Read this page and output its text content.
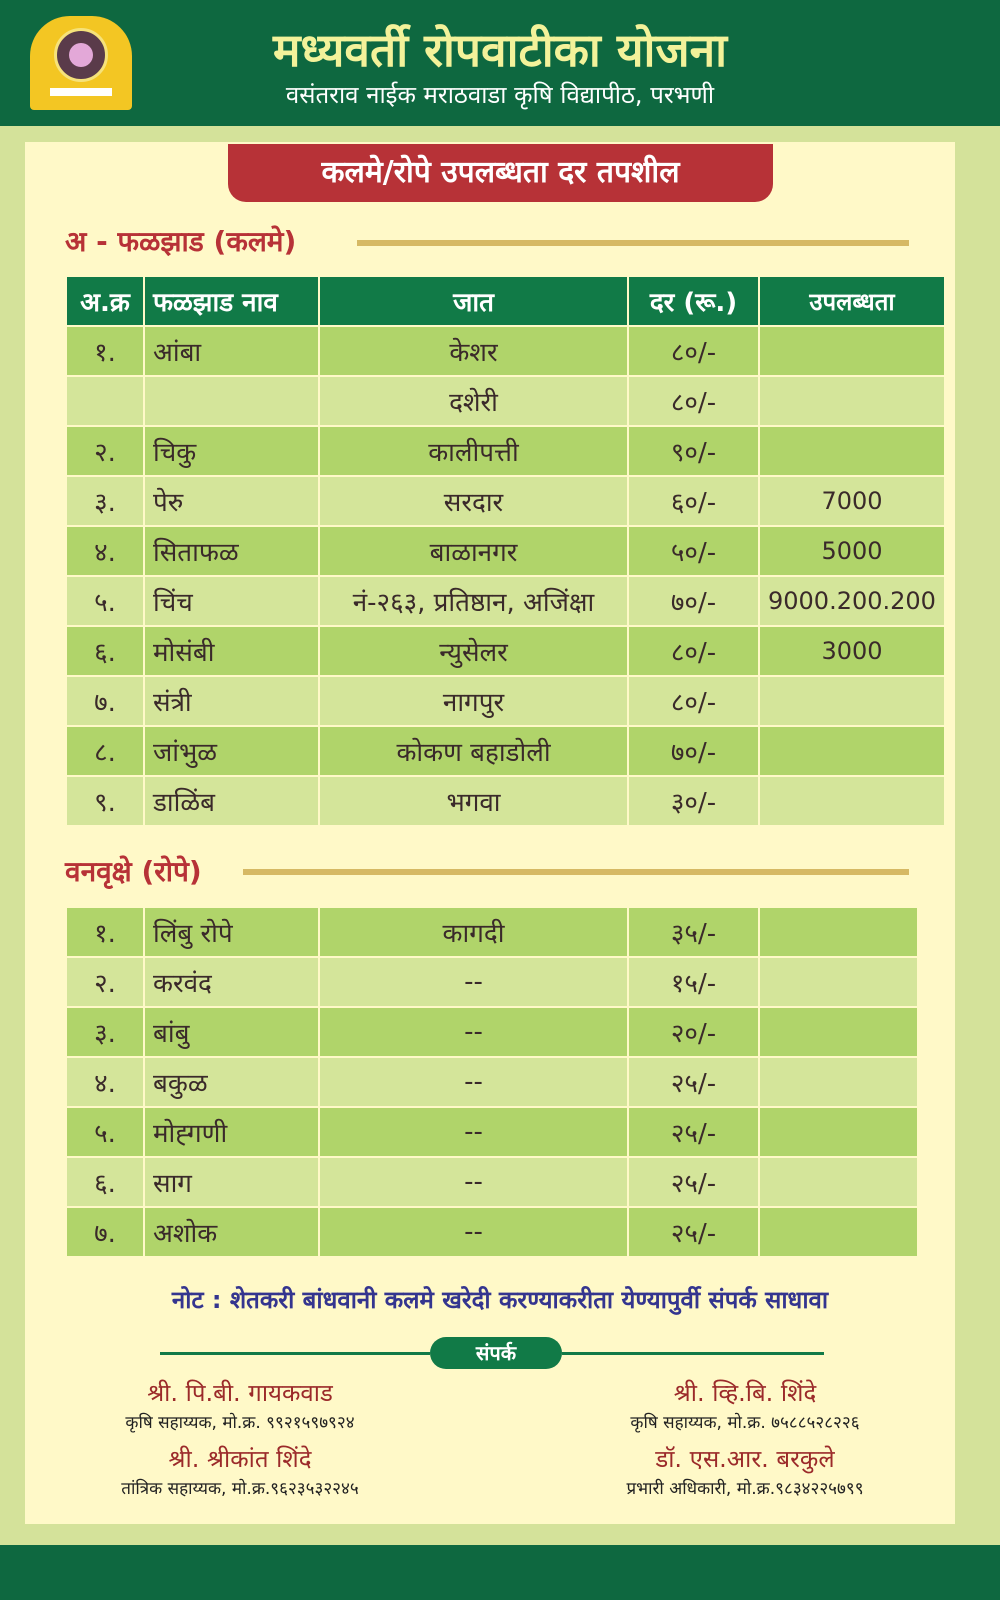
मध्यवर्ती रोपवाटीका योजना
वसंतराव नाईक मराठवाडा कृषि विद्यापीठ, परभणी
कलमे/रोपे उपलब्धता दर तपशील
अ - फळझाड (कलमे)
अ.क्र	फळझाड नाव	जात	दर (रू.)	उपलब्धता
१.	आंबा	केशर	८०/-	
		दशेरी	८०/-	
२.	चिकु	कालीपत्ती	९०/-	
३.	पेरु	सरदार	६०/-	7000
४.	सिताफळ	बाळानगर	५०/-	5000
५.	चिंच	नं-२६३, प्रतिष्ठान, अजिंक्षा	७०/-	9000.200.200
६.	मोसंबी	न्युसेलर	८०/-	3000
७.	संत्री	नागपुर	८०/-	
८.	जांभुळ	कोकण बहाडोली	७०/-	
९.	डाळिंब	भगवा	३०/-	
वनवृक्षे (रोपे)
१.	लिंबु रोपे	कागदी	३५/-	
२.	करवंद	--	१५/-	
३.	बांबु	--	२०/-	
४.	बकुळ	--	२५/-	
५.	मोह्गणी	--	२५/-	
६.	साग	--	२५/-	
७.	अशोक	--	२५/-	
नोट : शेतकरी बांधवानी कलमे खरेदी करण्याकरीता येण्यापुर्वी संपर्क साधावा
संपर्क
श्री. पि.बी. गायकवाड
कृषि सहाय्यक, मो.क्र. ९९२१५९७९२४
श्री. श्रीकांत शिंदे
तांत्रिक सहाय्यक, मो.क्र.९६२३५३२२४५
श्री. व्हि.बि. शिंदे
कृषि सहाय्यक, मो.क्र. ७५८८५२८२२६
डॉ. एस.आर. बरकुले
प्रभारी अधिकारी, मो.क्र.९८३४२२५७९९
